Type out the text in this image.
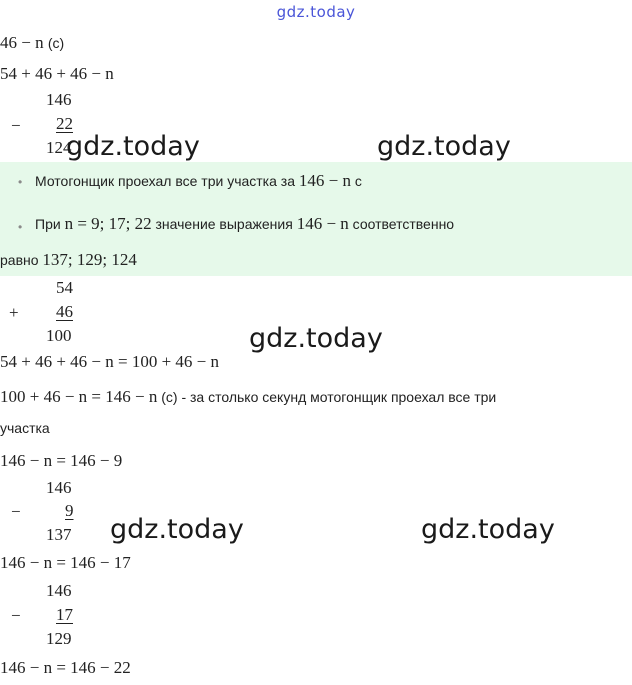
gdz.today
46 − n (с)
54 + 46 + 46 − n
146
− 22
124
• Мотогонщик проехал все три участка за 146 − n с
• При n = 9; 17; 22 значение выражения 146 − n соответственно
равно 137; 129; 124
54
+ 46
100
54 + 46 + 46 − n = 100 + 46 − n
100 + 46 − n = 146 − n (с) - за столько секунд мотогонщик проехал все три
участка
146 − n = 146 − 9
146
−	9
137
146 − n = 146 − 17
146
− 17
129
146 − n = 146 − 22
gdz.today	gdz.today
gdz.today
gdz.today	gdz.today
